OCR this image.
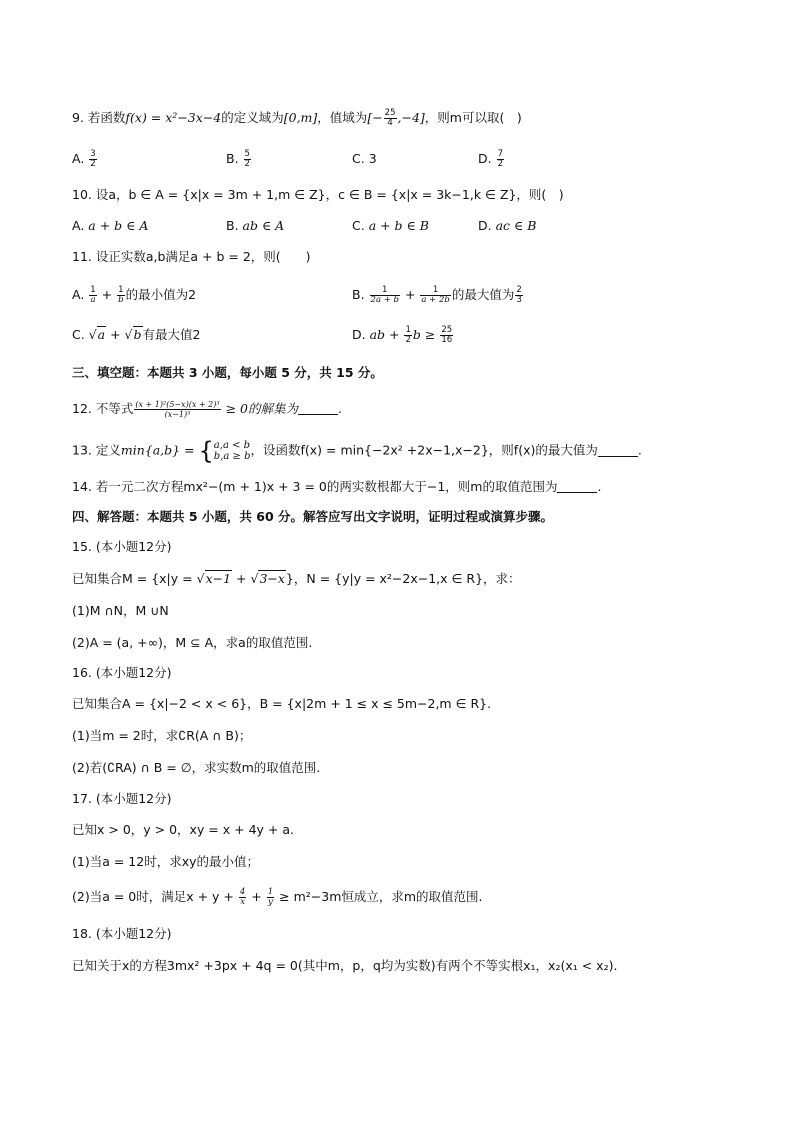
9. 若函数f(x) = x²−3x−4的定义域为[0,m]，值域为[− $\frac{25}{4} ,-4$]，则m可以取(　)
A. $\frac{3}{2}$	B. $\frac{5}{2}$	C. 3	D. $\frac{7}{2}$
10. 设a，b ∈ A = {x|x = 3m + 1,m ∈ Z}，c ∈ B = {x|x = 3k−1,k ∈ Z}，则(　)
A. a + b ∈ A	B. ab ∈ A	C. a + b ∈ B	D. ac ∈ B
11. 设正实数a,b满足a + b = 2，则(　　)
A. $\frac{1}{a} + \frac{1}{b}$ 的最小值为2	B. $\frac{1}{2a + b} + \frac{1}{a + 2b}$ 的最大值为 $\frac{2}{3}$
C. √a + √b有最大值2	D. ab + $\frac{1}{2}$ $b \ge \frac{25}{16}$
三、填空题：本题共 3 小题，每小题 5 分，共 15 分。
12. 不等式 $\frac{\text{(x + 1)²(5−x)(x + 2)³}}{\text{(x−1)⁵}} \ge 0$的解集为	.
13. 定义min{a,b} = { a,a < b
b,a ≥ b ，设函数f(x) = min{−2x² +2x−1,x−2}，则f(x)的最大值为	.
14. 若一元二次方程mx²−(m + 1)x + 3 = 0的两实数根都大于−1，则m的取值范围为	.
四、解答题：本题共 5 小题，共 60 分。解答应写出文字说明，证明过程或演算步骤。
15. (本小题12分)
已知集合M = {x|y = √x−1 + √3−x}，N = {y|y = x²−2x−1,x ∈ R}，求：
(1)M ∩N，M ∪N
(2)A = (a, +∞)，M ⊆ A，求a的取值范围.
16. (本小题12分)
已知集合A = {x|−2 < x < 6}，B = {x|2m + 1 ≤ x ≤ 5m−2,m ∈ R}.
(1)当m = 2时，求∁R(A ∩ B)；
(2)若(∁RA) ∩ B = ∅，求实数m的取值范围.
17. (本小题12分)
已知x > 0，y > 0，xy = x + 4y + a.
(1)当a = 12时，求xy的最小值；
(2)当a = 0时，满足$x + y + \frac{4}{x} + \frac{1}{y} \ge m^2-3m$恒成立，求m的取值范围.
18. (本小题12分)
已知关于x的方程3mx² +3px + 4q = 0(其中m，p，q均为实数)有两个不等实根x₁，x₂(x₁ < x₂).
